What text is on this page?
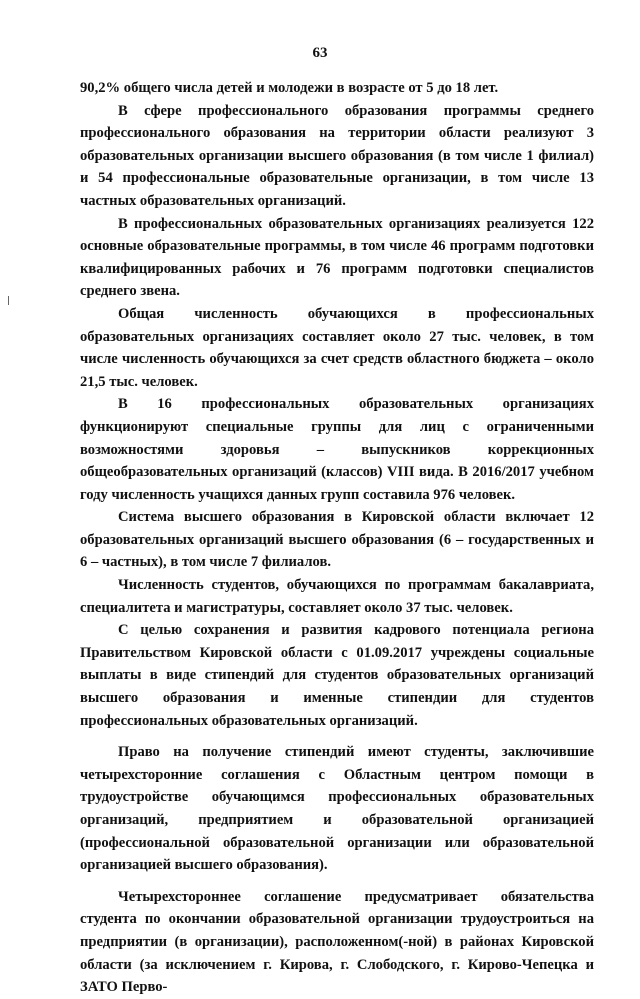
63

90,2% общего числа детей и молодежи в возрасте от 5 до 18 лет.

В сфере профессионального образования программы среднего профессионального образования на территории области реализуют 3 образовательных организации высшего образования (в том числе 1 филиал) и 54 профессиональные образовательные организации, в том числе 13 частных образовательных организаций.

В профессиональных образовательных организациях реализуется 122 основные образовательные программы, в том числе 46 программ подготовки квалифицированных рабочих и 76 программ подготовки специалистов среднего звена.

Общая численность обучающихся в профессиональных образовательных организациях составляет около 27 тыс. человек, в том числе численность обучающихся за счет средств областного бюджета – около 21,5 тыс. человек.

В 16 профессиональных образовательных организациях функционируют специальные группы для лиц с ограниченными возможностями здоровья – выпускников коррекционных общеобразовательных организаций (классов) VIII вида. В 2016/2017 учебном году численность учащихся данных групп составила 976 человек.

Система высшего образования в Кировской области включает 12 образовательных организаций высшего образования (6 – государственных и 6 – частных), в том числе 7 филиалов.

Численность студентов, обучающихся по программам бакалавриата, специалитета и магистратуры, составляет около 37 тыс. человек.

С целью сохранения и развития кадрового потенциала региона Правительством Кировской области с 01.09.2017 учреждены социальные выплаты в виде стипендий для студентов образовательных организаций высшего образования и именные стипендии для студентов профессиональных образовательных организаций.

Право на получение стипендий имеют студенты, заключившие четырехсторонние соглашения с Областным центром помощи в трудоустройстве обучающимся профессиональных образовательных организаций, предприятием и образовательной организацией (профессиональной образовательной организации или образовательной организацией высшего образования).

Четырехстороннее соглашение предусматривает обязательства студента по окончании образовательной организации трудоустроиться на предприятии (в организации), расположенном(-ной) в районах Кировской области (за исключением г. Кирова, г. Слободского, г. Кирово-Чепецка и ЗАТО Перво-
